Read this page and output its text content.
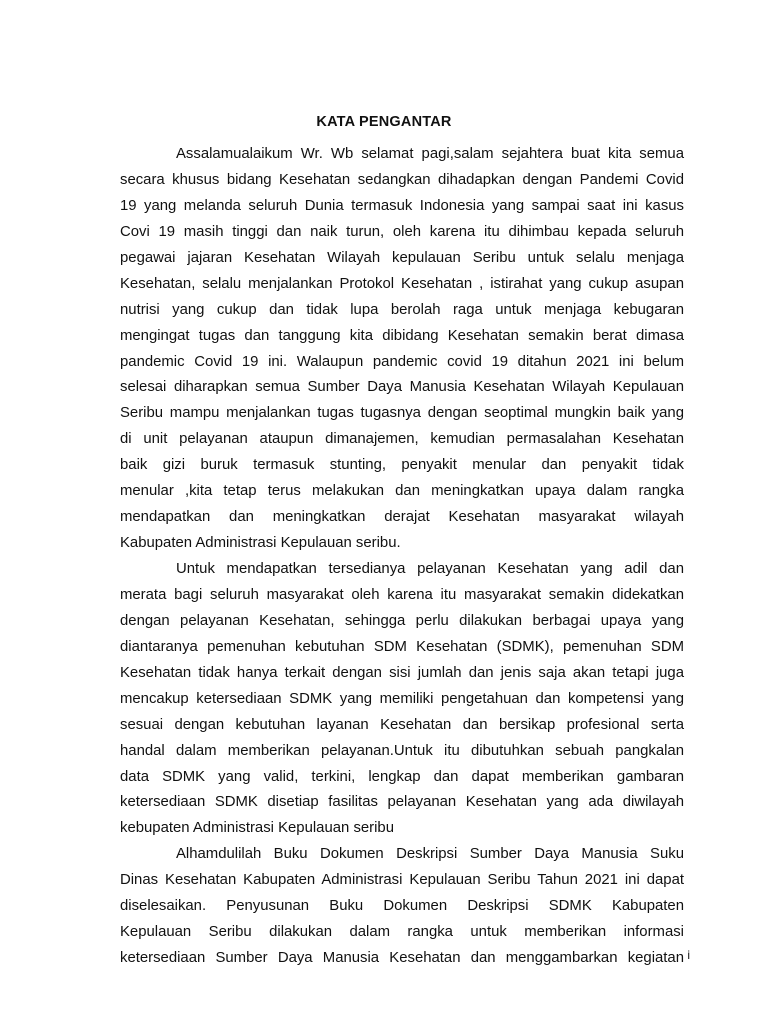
KATA PENGANTAR
Assalamualaikum Wr. Wb selamat pagi,salam sejahtera buat kita semua
secara khusus bidang Kesehatan sedangkan dihadapkan dengan Pandemi Covid
19 yang melanda seluruh Dunia termasuk Indonesia yang sampai saat ini kasus
Covi 19 masih tinggi dan naik turun, oleh karena itu dihimbau kepada seluruh
pegawai jajaran Kesehatan Wilayah kepulauan Seribu untuk selalu menjaga
Kesehatan, selalu menjalankan Protokol Kesehatan , istirahat yang cukup asupan
nutrisi yang cukup dan tidak lupa berolah raga untuk menjaga kebugaran
mengingat tugas dan tanggung kita dibidang Kesehatan semakin berat dimasa
pandemic Covid 19 ini. Walaupun pandemic covid 19 ditahun 2021 ini belum
selesai diharapkan semua Sumber Daya Manusia Kesehatan Wilayah Kepulauan
Seribu mampu menjalankan tugas tugasnya dengan seoptimal mungkin baik yang
di unit pelayanan ataupun dimanajemen, kemudian permasalahan Kesehatan
baik gizi buruk termasuk stunting, penyakit menular dan penyakit tidak
menular ,kita tetap terus melakukan dan meningkatkan upaya dalam rangka
mendapatkan dan meningkatkan derajat Kesehatan masyarakat wilayah
Kabupaten Administrasi Kepulauan seribu.
Untuk mendapatkan tersedianya pelayanan Kesehatan yang adil dan
merata bagi seluruh masyarakat oleh karena itu masyarakat semakin didekatkan
dengan pelayanan Kesehatan, sehingga perlu dilakukan berbagai upaya yang
diantaranya pemenuhan kebutuhan SDM Kesehatan (SDMK), pemenuhan SDM
Kesehatan tidak hanya terkait dengan sisi jumlah dan jenis saja akan tetapi juga
mencakup ketersediaan SDMK yang memiliki pengetahuan dan kompetensi yang
sesuai dengan kebutuhan layanan Kesehatan dan bersikap profesional serta
handal dalam memberikan pelayanan.Untuk itu dibutuhkan sebuah pangkalan
data SDMK yang valid, terkini, lengkap dan dapat memberikan gambaran
ketersediaan SDMK disetiap fasilitas pelayanan Kesehatan yang ada diwilayah
kebupaten Administrasi Kepulauan seribu
Alhamdulilah Buku Dokumen Deskripsi Sumber Daya Manusia Suku
Dinas Kesehatan Kabupaten Administrasi Kepulauan Seribu Tahun 2021 ini dapat
diselesaikan. Penyusunan Buku Dokumen Deskripsi SDMK Kabupaten
Kepulauan Seribu dilakukan dalam rangka untuk memberikan informasi
ketersediaan Sumber Daya Manusia Kesehatan dan menggambarkan kegiatan i
